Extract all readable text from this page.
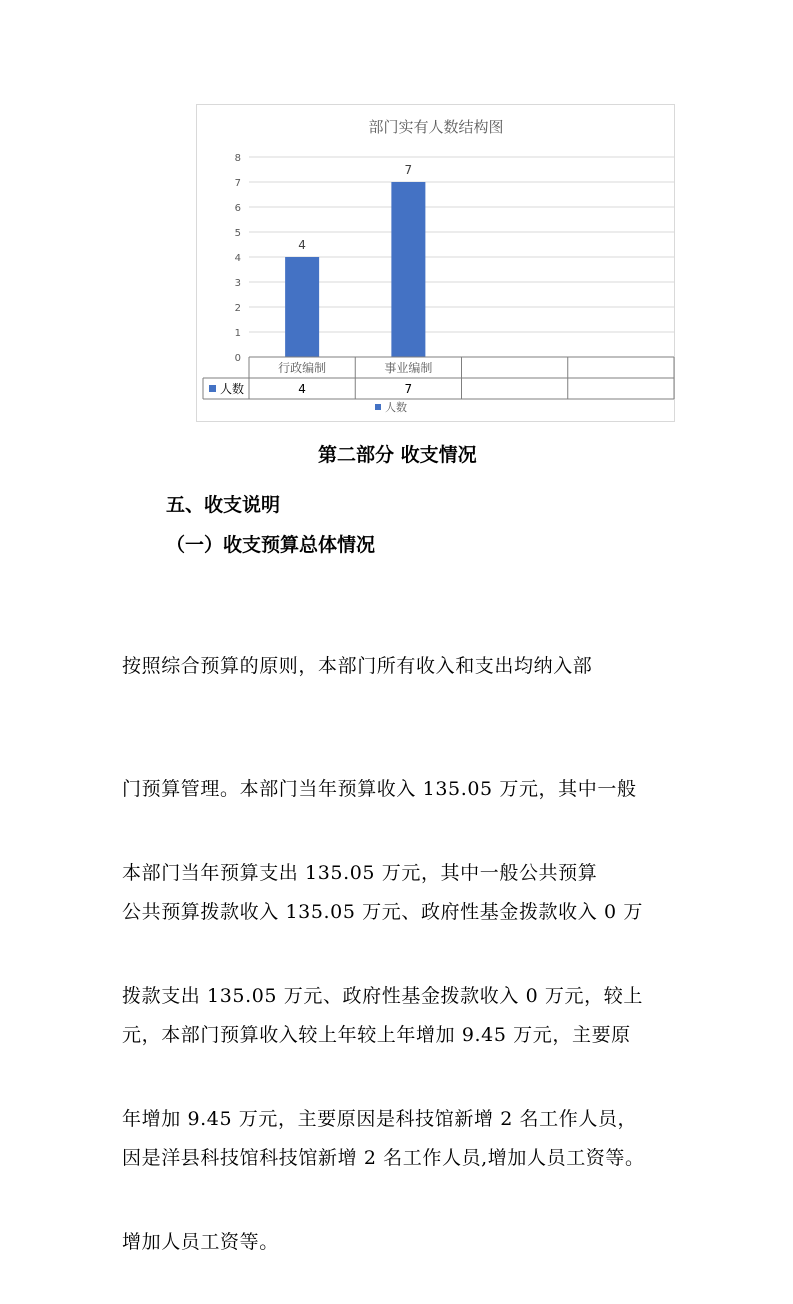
部门实有人数结构图
0
1
2
3
4
5
6
7
8
4
7
行政编制	事业编制
人数	4	7
人数
第二部分 收支情况
五、收支说明
（一）收支预算总体情况

按照综合预算的原则，本部门所有收入和支出均纳入部

门预算管理。本部门当年预算收入 135.05 万元，其中一般

公共预算拨款收入 135.05 万元、政府性基金拨款收入 0 万

元，本部门预算收入较上年较上年增加 9.45 万元，主要原

因是洋县科技馆科技馆新增 2 名工作人员,增加人员工资等。

本部门当年预算支出 135.05 万元，其中一般公共预算

拨款支出 135.05 万元、政府性基金拨款收入 0 万元，较上

年增加 9.45 万元，主要原因是科技馆新增 2 名工作人员，

增加人员工资等。
